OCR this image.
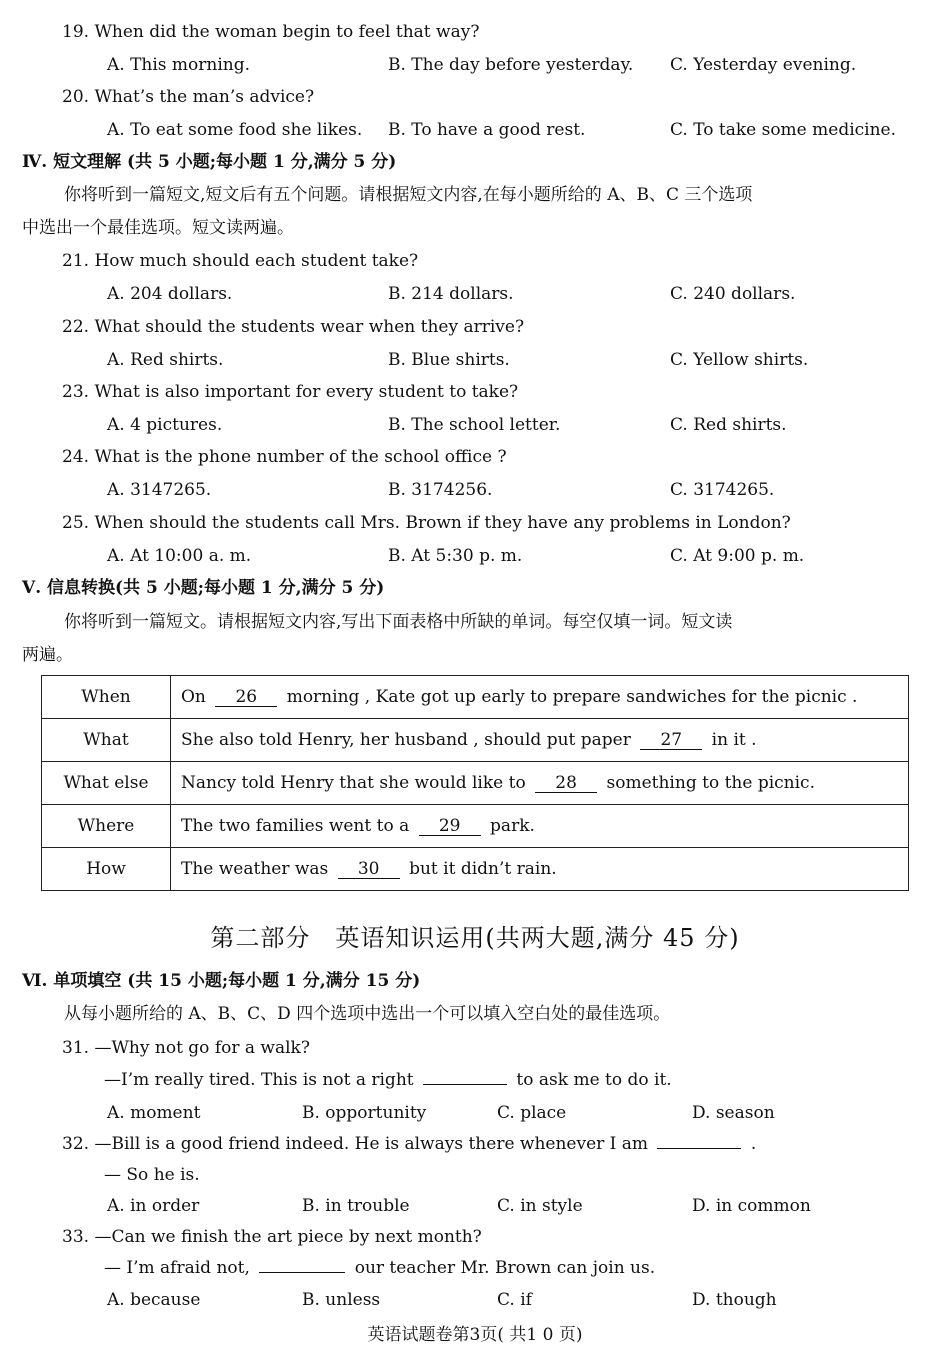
19. When did the woman begin to feel that way?
A. This morning.	B. The day before yesterday. C. Yesterday evening.
20. What’s the man’s advice?
A. To eat some food she likes. B. To have a good rest.	C. To take some medicine.
Ⅳ. 短文理解 (共 5 小题;每小题 1 分,满分 5 分)
你将听到一篇短文,短文后有五个问题。请根据短文内容,在每小题所给的 A、B、C 三个选项
中选出一个最佳选项。短文读两遍。
21. How much should each student take?
A. 204 dollars.	B. 214 dollars.	C. 240 dollars.
22. What should the students wear when they arrive?
A. Red shirts.	B. Blue shirts.	C. Yellow shirts.
23. What is also important for every student to take?
A. 4 pictures.	B. The school letter.	C. Red shirts.
24. What is the phone number of the school office ?
A. 3147265.	B. 3174256.	C. 3174265.
25. When should the students call Mrs. Brown if they have any problems in London?
A. At 10:00 a. m.	B. At 5:30 p. m.	C. At 9:00 p. m.
Ⅴ. 信息转换(共 5 小题;每小题 1 分,满分 5 分)
你将听到一篇短文。请根据短文内容,写出下面表格中所缺的单词。每空仅填一词。短文读
两遍。
When	On 26 morning , Kate got up early to prepare sandwiches for the picnic .
What	She also told Henry, her husband , should put paper 27 in it .
What else	Nancy told Henry that she would like to 28 something to the picnic.
Where	The two families went to a 29 park.
How	The weather was 30 but it didn’t rain.
第二部分　英语知识运用(共两大题,满分 45 分)
Ⅵ. 单项填空 (共 15 小题;每小题 1 分,满分 15 分)
从每小题所给的 A、B、C、D 四个选项中选出一个可以填入空白处的最佳选项。
31. —Why not go for a walk?
—I’m really tired. This is not a right	to ask me to do it.
A. moment	B. opportunity	C. place	D. season
32. —Bill is a good friend indeed. He is always there whenever I am	.
— So he is.
A. in order	B. in trouble	C. in style	D. in common
33. —Can we finish the art piece by next month?
— I’m afraid not,	our teacher Mr. Brown can join us.
A. because	B. unless	C. if	D. though
英语试题卷第3页( 共1 0 页)
